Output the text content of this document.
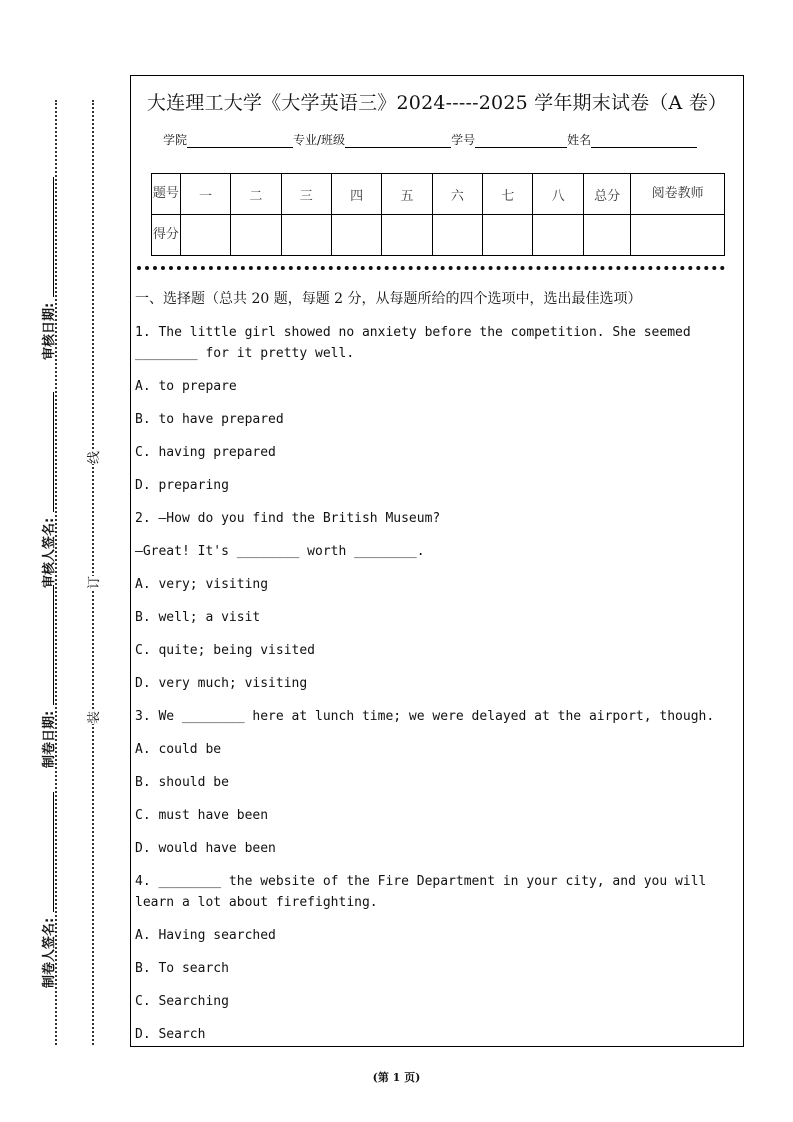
审核日期:
审核人签名:
制卷日期:
制卷人签名:
线
订
装
大连理工大学《大学英语三》2024-----2025 学年期末试卷（A 卷）
学院	专业/班级	学号	姓名
题号	一	二	三	四	五	六	七	八	总分	阅卷教师
得分										
一、选择题（总共 20 题，每题 2 分，从每题所给的四个选项中，选出最佳选项）
1. The little girl showed no anxiety before the competition. She seemed ________ for it pretty well.
A. to prepare
B. to have prepared
C. having prepared
D. preparing
2. —How do you find the British Museum?
—Great! It's ________ worth ________.
A. very; visiting
B. well; a visit
C. quite; being visited
D. very much; visiting
3. We ________ here at lunch time; we were delayed at the airport, though.
A. could be
B. should be
C. must have been
D. would have been
4. ________ the website of the Fire Department in your city, and you will learn a lot about firefighting.
A. Having searched
B. To search
C. Searching
D. Search
(第 1 页)
